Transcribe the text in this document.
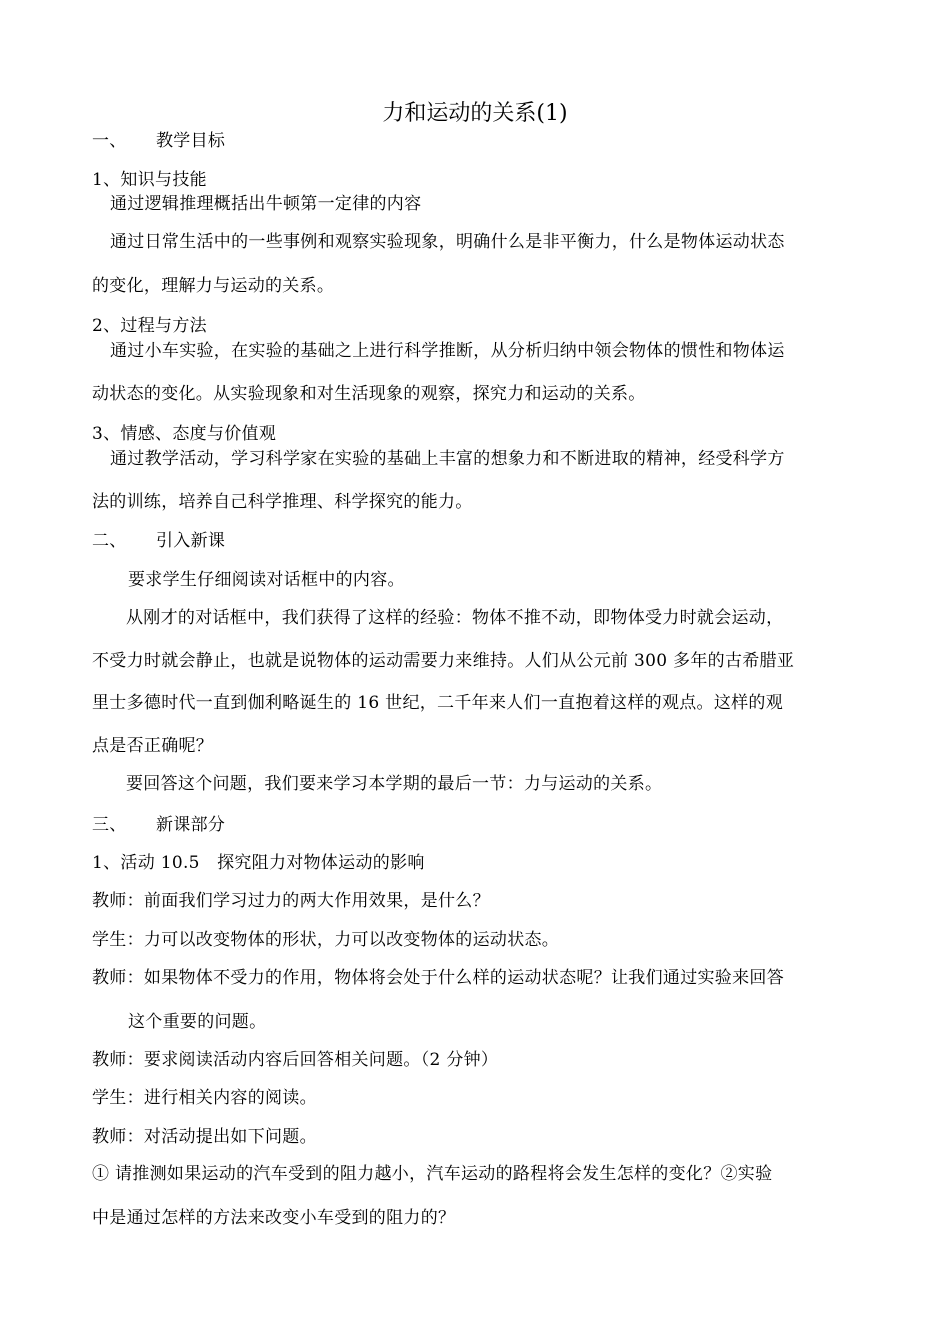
力和运动的关系(1)
一、 教学目标
1、知识与技能
通过逻辑推理概括出牛顿第一定律的内容
通过日常生活中的一些事例和观察实验现象，明确什么是非平衡力，什么是物体运动状态
的变化，理解力与运动的关系。
2、过程与方法
通过小车实验，在实验的基础之上进行科学推断，从分析归纳中领会物体的惯性和物体运
动状态的变化。从实验现象和对生活现象的观察，探究力和运动的关系。
3、情感、态度与价值观
通过教学活动，学习科学家在实验的基础上丰富的想象力和不断进取的精神，经受科学方
法的训练，培养自己科学推理、科学探究的能力。
二、 引入新课
要求学生仔细阅读对话框中的内容。
从刚才的对话框中，我们获得了这样的经验：物体不推不动，即物体受力时就会运动，
不受力时就会静止，也就是说物体的运动需要力来维持。人们从公元前 300 多年的古希腊亚
里士多德时代一直到伽利略诞生的 16 世纪，二千年来人们一直抱着这样的观点。这样的观
点是否正确呢？
要回答这个问题，我们要来学习本学期的最后一节：力与运动的关系。
三、 新课部分
1、活动 10.5　探究阻力对物体运动的影响
教师：前面我们学习过力的两大作用效果，是什么？
学生：力可以改变物体的形状，力可以改变物体的运动状态。
教师：如果物体不受力的作用，物体将会处于什么样的运动状态呢？让我们通过实验来回答
这个重要的问题。
教师：要求阅读活动内容后回答相关问题。（2 分钟）
学生：进行相关内容的阅读。
教师：对活动提出如下问题。
① 请推测如果运动的汽车受到的阻力越小，汽车运动的路程将会发生怎样的变化？②实验
中是通过怎样的方法来改变小车受到的阻力的？
